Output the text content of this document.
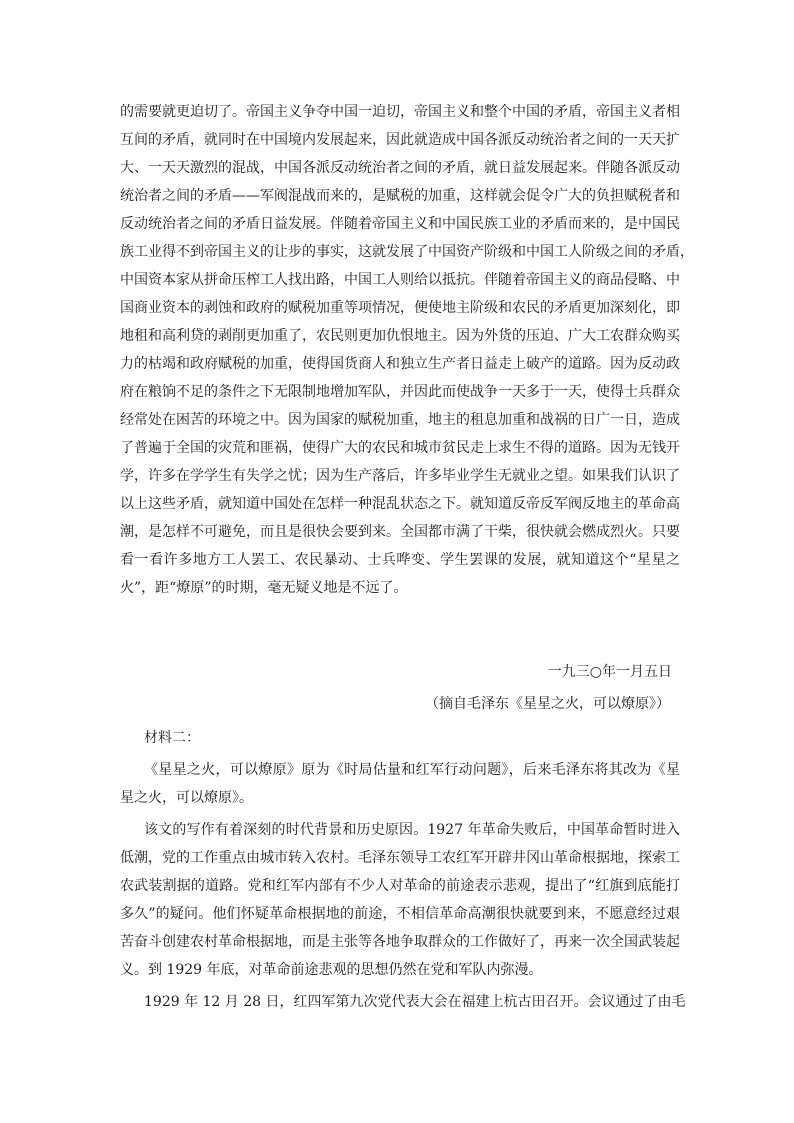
的需要就更迫切了。帝国主义争夺中国一迫切，帝国主义和整个中国的矛盾，帝国主义者相
互间的矛盾，就同时在中国境内发展起来，因此就造成中国各派反动统治者之间的一天天扩
大、一天天激烈的混战，中国各派反动统治者之间的矛盾，就日益发展起来。伴随各派反动
统治者之间的矛盾——军阀混战而来的，是赋税的加重，这样就会促令广大的负担赋税者和
反动统治者之间的矛盾日益发展。伴随着帝国主义和中国民族工业的矛盾而来的，是中国民
族工业得不到帝国主义的让步的事实，这就发展了中国资产阶级和中国工人阶级之间的矛盾，
中国资本家从拼命压榨工人找出路，中国工人则给以抵抗。伴随着帝国主义的商品侵略、中
国商业资本的剥蚀和政府的赋税加重等项情况，便使地主阶级和农民的矛盾更加深刻化，即
地租和高利贷的剥削更加重了，农民则更加仇恨地主。因为外货的压迫、广大工农群众购买
力的枯竭和政府赋税的加重，使得国货商人和独立生产者日益走上破产的道路。因为反动政
府在粮饷不足的条件之下无限制地增加军队，并因此而使战争一天多于一天，使得士兵群众
经常处在困苦的环境之中。因为国家的赋税加重，地主的租息加重和战祸的日广一日，造成
了普遍于全国的灾荒和匪祸，使得广大的农民和城市贫民走上求生不得的道路。因为无钱开
学，许多在学学生有失学之忧；因为生产落后，许多毕业学生无就业之望。如果我们认识了
以上这些矛盾，就知道中国处在怎样一种混乱状态之下。就知道反帝反军阀反地主的革命高
潮，是怎样不可避免，而且是很快会要到来。全国都市满了干柴，很快就会燃成烈火。只要
看一看许多地方工人罢工、农民暴动、士兵哗变、学生罢课的发展，就知道这个“星星之
火”，距“燎原”的时期，毫无疑义地是不远了。
一九三○年一月五日
（摘自毛泽东《星星之火，可以燎原》）
材料二：
《星星之火，可以燎原》原为《时局估量和红军行动问题》，后来毛泽东将其改为《星
星之火，可以燎原》。
该文的写作有着深刻的时代背景和历史原因。1927 年革命失败后，中国革命暂时进入
低潮，党的工作重点由城市转入农村。毛泽东领导工农红军开辟井冈山革命根据地，探索工
农武装割据的道路。党和红军内部有不少人对革命的前途表示悲观，提出了“红旗到底能打
多久”的疑问。他们怀疑革命根据地的前途，不相信革命高潮很快就要到来，不愿意经过艰
苦奋斗创建农村革命根据地，而是主张等各地争取群众的工作做好了，再来一次全国武装起
义。到 1929 年底，对革命前途悲观的思想仍然在党和军队内弥漫。
1929 年 12 月 28 日，红四军第九次党代表大会在福建上杭古田召开。会议通过了由毛
